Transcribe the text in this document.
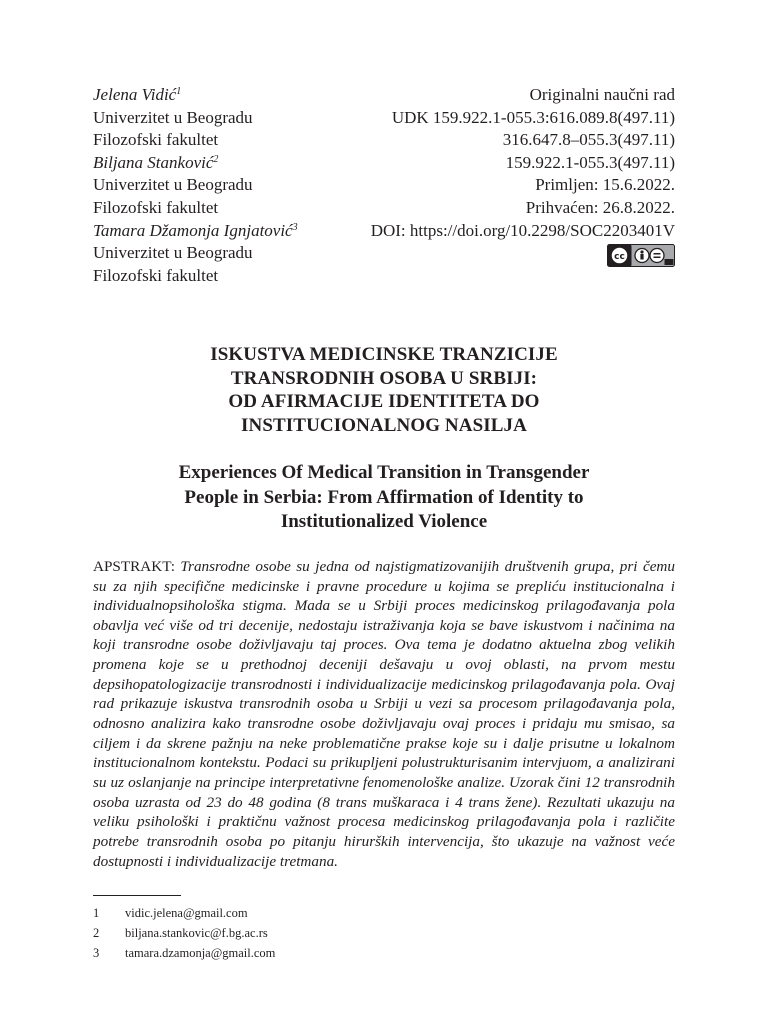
Jelena Vidić$^1$
Univerzitet u Beogradu
Filozofski fakultet
Biljana Stanković$^2$
Univerzitet u Beogradu
Filozofski fakultet
Tamara Džamonja Ignjatović$^3$
Univerzitet u Beogradu
Filozofski fakultet
Originalni naučni rad
UDK 159.922.1-055.3:616.089.8(497.11)
316.647.8–055.3(497.11)
159.922.1-055.3(497.11)
Primljen: 15.6.2022.
Prihvaćen: 26.8.2022.
DOI: https://doi.org/10.2298/SOC2203401V
cc
ISKUSTVA MEDICINSKE TRANZICIJE
TRANSRODNIH OSOBA U SRBIJI:
OD AFIRMACIJE IDENTITETA DO
INSTITUCIONALNOG NASILJA
Experiences Of Medical Transition in Transgender
People in Serbia: From Affirmation of Identity to
Institutionalized Violence
APSTRAKT: Transrodne osobe su jedna od najstigmatizovanijih društvenih grupa, pri čemu su za njih specifične medicinske i pravne procedure u kojima se prepliću institucionalna i individualnopsihološka stigma. Mada se u Srbiji proces medicinskog prilagođavanja pola obavlja već više od tri decenije, nedostaju istraživanja koja se bave iskustvom i načinima na koji transrodne osobe doživljavaju taj proces. Ova tema je dodatno aktuelna zbog velikih promena koje se u prethodnoj deceniji dešavaju u ovoj oblasti, na prvom mestu depsihopatologizacije transrodnosti i individualizacije medicinskog prilagođavanja pola. Ovaj rad prikazuje iskustva transrodnih osoba u Srbiji u vezi sa procesom prilagođavanja pola, odnosno analizira kako transrodne osobe doživljavaju ovaj proces i pridaju mu smisao, sa ciljem i da skrene pažnju na neke problematične prakse koje su i dalje prisutne u lokalnom institucionalnom kontekstu. Podaci su prikupljeni polustrukturisanim intervjuom, a analizirani su uz oslanjanje na principe interpretativne fenomenološke analize. Uzorak čini 12 transrodnih osoba uzrasta od 23 do 48 godina (8 trans muškaraca i 4 trans žene). Rezultati ukazuju na veliku psihološki i praktičnu važnost procesa medicinskog prilagođavanja pola i različite potrebe transrodnih osoba po pitanju hirurških intervencija, što ukazuje na važnost veće dostupnosti i individualizacije tretmana.
1	vidic.jelena@gmail.com
2	biljana.stankovic@f.bg.ac.rs
3	tamara.dzamonja@gmail.com
